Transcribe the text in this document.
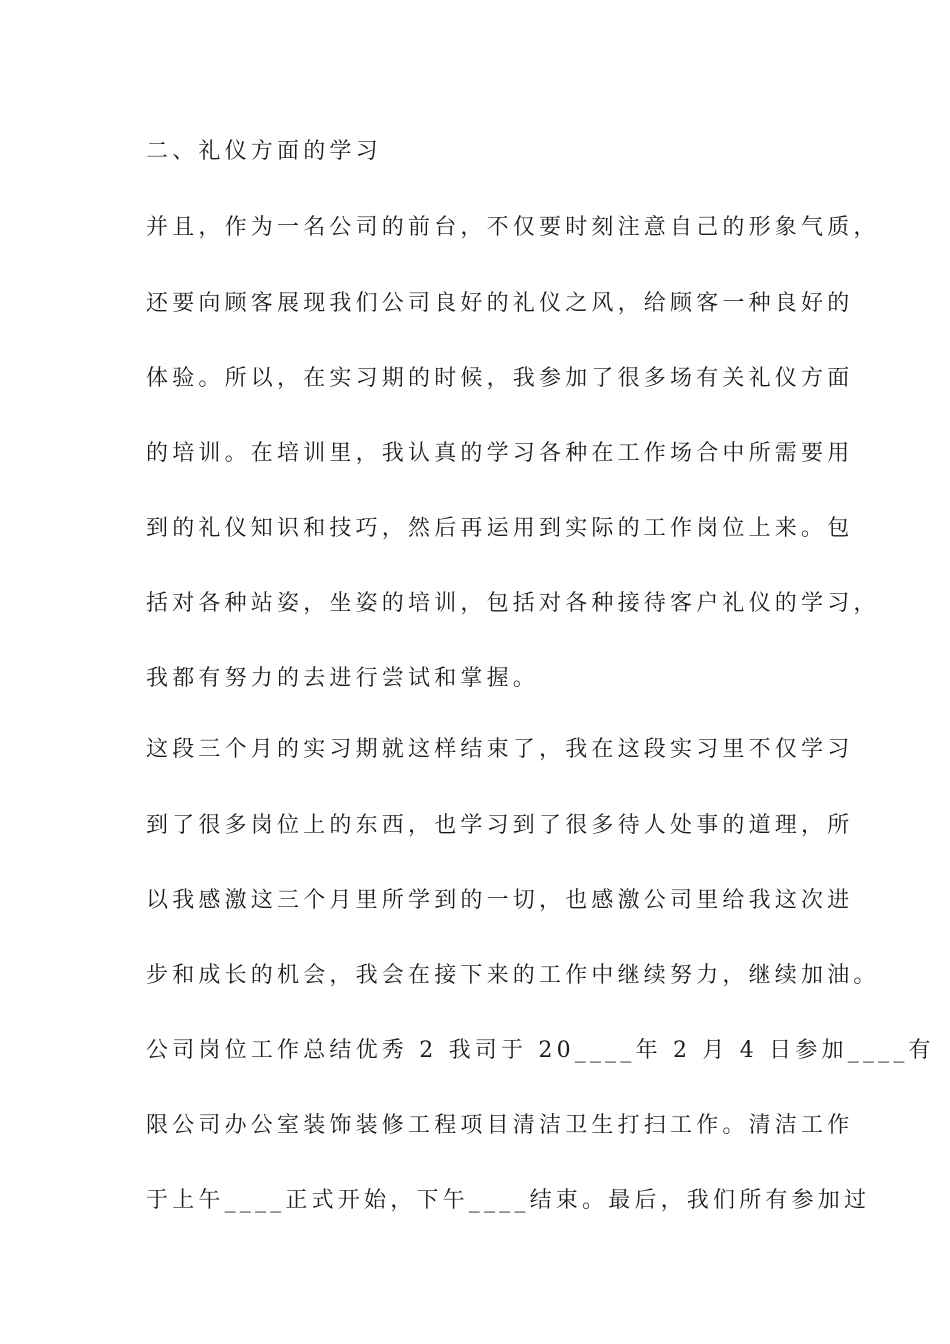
二、礼仪方面的学习
并且，作为一名公司的前台，不仅要时刻注意自己的形象气质，
还要向顾客展现我们公司良好的礼仪之风，给顾客一种良好的
体验。所以，在实习期的时候，我参加了很多场有关礼仪方面
的培训。在培训里，我认真的学习各种在工作场合中所需要用
到的礼仪知识和技巧，然后再运用到实际的工作岗位上来。包
括对各种站姿，坐姿的培训，包括对各种接待客户礼仪的学习，
我都有努力的去进行尝试和掌握。
这段三个月的实习期就这样结束了，我在这段实习里不仅学习
到了很多岗位上的东西，也学习到了很多待人处事的道理，所
以我感激这三个月里所学到的一切，也感激公司里给我这次进
步和成长的机会，我会在接下来的工作中继续努力，继续加油。
公司岗位工作总结优秀 2 我司于 20____年 2 月 4 日参加____有
限公司办公室装饰装修工程项目清洁卫生打扫工作。清洁工作
于上午____正式开始，下午____结束。最后，我们所有参加过
